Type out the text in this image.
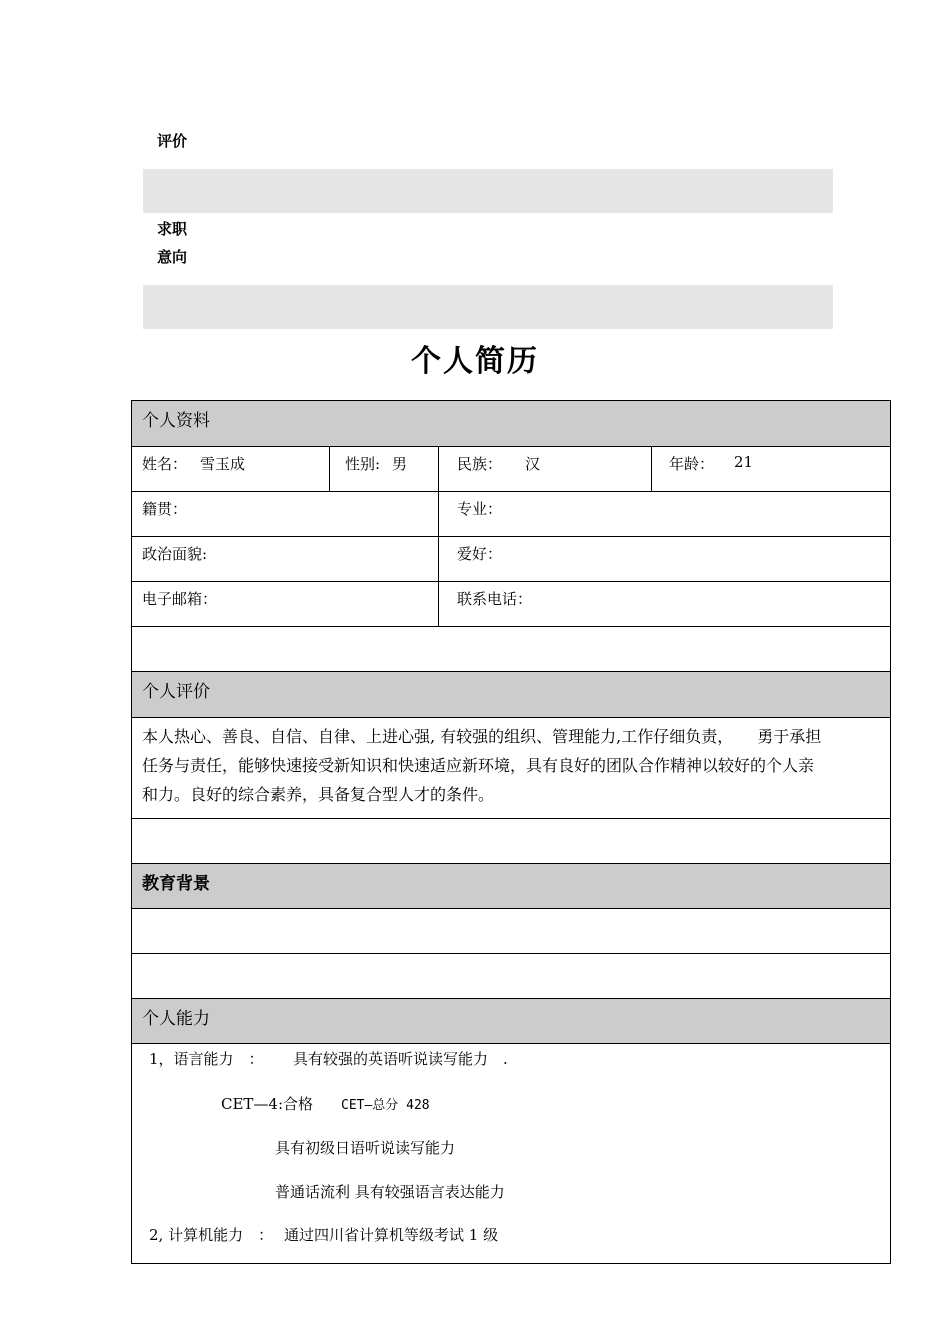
评价
求职
意向
个人简历
个人资料
姓名： 雪玉成	性别: 男	民族： 汉	年龄： 21
籍贯：	专业：
政治面貌:	爱好：
电子邮箱：	联系电话：
个人评价
本人热心、善良、自信、自律、上进心强, 有较强的组织、管理能力,工作仔细负责，　　勇于承担
任务与责任，能够快速接受新知识和快速适应新环境，具有良好的团队合作精神以较好的个人亲
和力。良好的综合素养，具备复合型人才的条件。
教育背景
个人能力
1，语言能力　： 具有较强的英语听说读写能力　.
CET—4:合格 CET—总分 428
具有初级日语听说读写能力
普通话流利 具有较强语言表达能力
2, 计算机能力　： 通过四川省计算机等级考试 1 级
